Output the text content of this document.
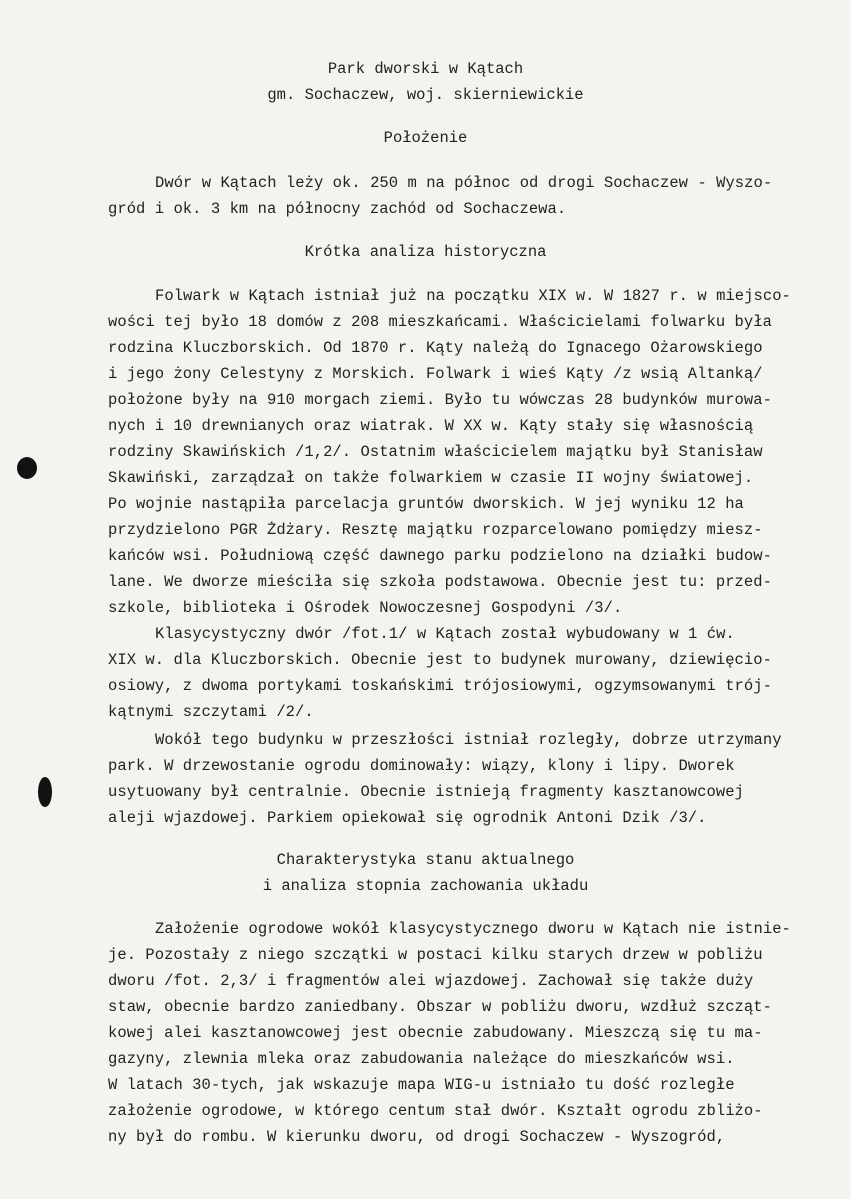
Park dworski w Kątach
gm. Sochaczew, woj. skierniewickie
Położenie
Dwór w Kątach leży ok. 250 m na północ od drogi Sochaczew - Wyszo-
gród i ok. 3 km na północny zachód od Sochaczewa.
Krótka analiza historyczna
Folwark w Kątach istniał już na początku XIX w. W 1827 r. w miejsco-
wości tej było 18 domów z 208 mieszkańcami. Właścicielami folwarku była
rodzina Kluczborskich. Od 1870 r. Kąty należą do Ignacego Ożarowskiego
i jego żony Celestyny z Morskich. Folwark i wieś Kąty /z wsią Altanką/
położone były na 910 morgach ziemi. Było tu wówczas 28 budynków murowa-
nych i 10 drewnianych oraz wiatrak. W XX w. Kąty stały się własnością
rodziny Skawińskich /1,2/. Ostatnim właścicielem majątku był Stanisław
Skawiński, zarządzał on także folwarkiem w czasie II wojny światowej.
Po wojnie nastąpiła parcelacja gruntów dworskich. W jej wyniku 12 ha
przydzielono PGR Żdżary. Resztę majątku rozparcelowano pomiędzy miesz-
kańców wsi. Południową część dawnego parku podzielono na działki budow-
lane. We dworze mieściła się szkoła podstawowa. Obecnie jest tu: przed-
szkole, biblioteka i Ośrodek Nowoczesnej Gospodyni /3/.
Klasycystyczny dwór /fot.1/ w Kątach został wybudowany w 1 ćw.
XIX w. dla Kluczborskich. Obecnie jest to budynek murowany, dziewięcio-
osiowy, z dwoma portykami toskańskimi trójosiowymi, ogzymsowanymi trój-
kątnymi szczytami /2/.
Wokół tego budynku w przeszłości istniał rozległy, dobrze utrzymany
park. W drzewostanie ogrodu dominowały: wiązy, klony i lipy. Dworek
usytuowany był centralnie. Obecnie istnieją fragmenty kasztanowcowej
aleji wjazdowej. Parkiem opiekował się ogrodnik Antoni Dzik /3/.
Charakterystyka stanu aktualnego
i analiza stopnia zachowania układu
Założenie ogrodowe wokół klasycystycznego dworu w Kątach nie istnie-
je. Pozostały z niego szczątki w postaci kilku starych drzew w pobliżu
dworu /fot. 2,3/ i fragmentów alei wjazdowej. Zachował się także duży
staw, obecnie bardzo zaniedbany. Obszar w pobliżu dworu, wzdłuż szcząt-
kowej alei kasztanowcowej jest obecnie zabudowany. Mieszczą się tu ma-
gazyny, zlewnia mleka oraz zabudowania należące do mieszkańców wsi.
W latach 30-tych, jak wskazuje mapa WIG-u istniało tu dość rozległe
założenie ogrodowe, w którego centum stał dwór. Kształt ogrodu zbliżo-
ny był do rombu. W kierunku dworu, od drogi Sochaczew - Wyszogród,
